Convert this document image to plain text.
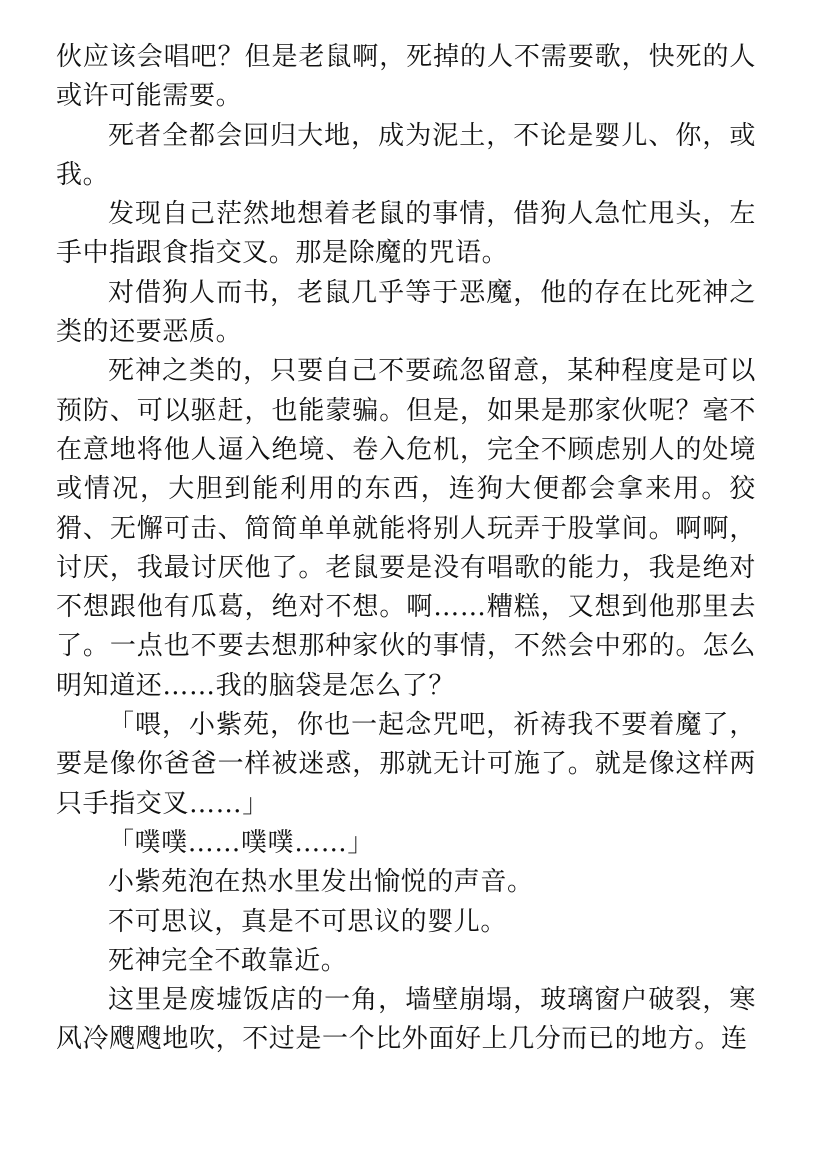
伙应该会唱吧？但是老鼠啊，死掉的人不需要歌，快死的人或许可能需要。

死者全都会回归大地，成为泥土，不论是婴儿、你，或我。

发现自己茫然地想着老鼠的事情，借狗人急忙甩头，左手中指跟食指交叉。那是除魔的咒语。

对借狗人而书，老鼠几乎等于恶魔，他的存在比死神之类的还要恶质。

死神之类的，只要自己不要疏忽留意，某种程度是可以预防、可以驱赶，也能蒙骗。但是，如果是那家伙呢？毫不在意地将他人逼入绝境、卷入危机，完全不顾虑别人的处境或情况，大胆到能利用的东西，连狗大便都会拿来用。狡猾、无懈可击、简简单单就能将别人玩弄于股掌间。啊啊，讨厌，我最讨厌他了。老鼠要是没有唱歌的能力，我是绝对不想跟他有瓜葛，绝对不想。啊……糟糕，又想到他那里去了。一点也不要去想那种家伙的事情，不然会中邪的。怎么明知道还……我的脑袋是怎么了？

「喂，小紫苑，你也一起念咒吧，祈祷我不要着魔了，要是像你爸爸一样被迷惑，那就无计可施了。就是像这样两只手指交叉……」

「噗噗……噗噗……」

小紫苑泡在热水里发出愉悦的声音。

不可思议，真是不可思议的婴儿。

死神完全不敢靠近。

这里是废墟饭店的一角，墙壁崩塌，玻璃窗户破裂，寒风冷飕飕地吹，不过是一个比外面好上几分而已的地方。连
